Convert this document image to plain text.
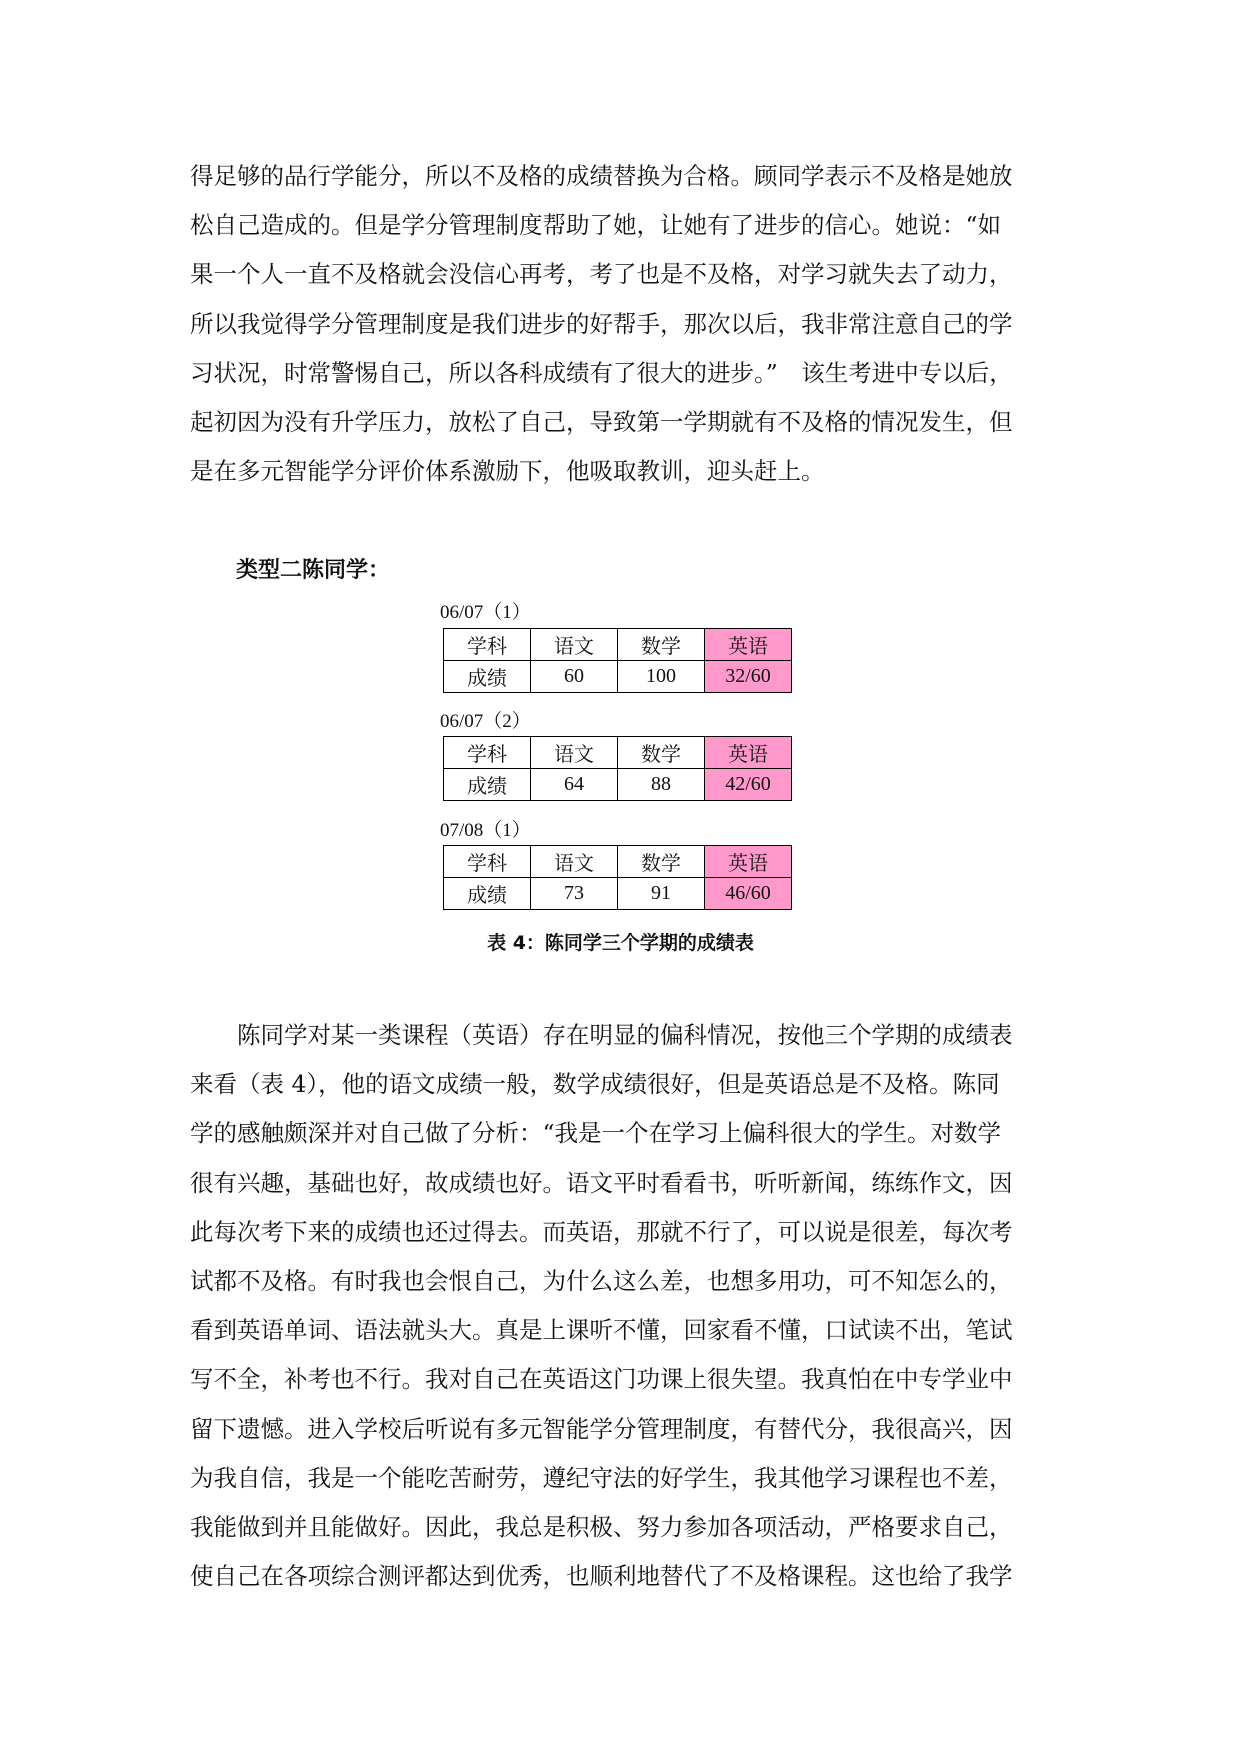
得足够的品行学能分，所以不及格的成绩替换为合格。顾同学表示不及格是她放
松自己造成的。但是学分管理制度帮助了她，让她有了进步的信心。她说：“如
果一个人一直不及格就会没信心再考，考了也是不及格，对学习就失去了动力，
所以我觉得学分管理制度是我们进步的好帮手，那次以后，我非常注意自己的学
习状况，时常警惕自己，所以各科成绩有了很大的进步。”　该生考进中专以后，
起初因为没有升学压力，放松了自己，导致第一学期就有不及格的情况发生，但
是在多元智能学分评价体系激励下，他吸取教训，迎头赶上。
类型二陈同学：
06/07（1）
学科	语文	数学	英语
成绩	60	100	32/60
06/07（2）
学科	语文	数学	英语
成绩	64	88	42/60
07/08（1）
学科	语文	数学	英语
成绩	73	91	46/60
表 4：陈同学三个学期的成绩表
　　陈同学对某一类课程（英语）存在明显的偏科情况，按他三个学期的成绩表
来看（表 4），他的语文成绩一般，数学成绩很好，但是英语总是不及格。陈同
学的感触颇深并对自己做了分析：“我是一个在学习上偏科很大的学生。对数学
很有兴趣，基础也好，故成绩也好。语文平时看看书，听听新闻，练练作文，因
此每次考下来的成绩也还过得去。而英语，那就不行了，可以说是很差，每次考
试都不及格。有时我也会恨自己，为什么这么差，也想多用功，可不知怎么的，
看到英语单词、语法就头大。真是上课听不懂，回家看不懂，口试读不出，笔试
写不全，补考也不行。我对自己在英语这门功课上很失望。我真怕在中专学业中
留下遗憾。进入学校后听说有多元智能学分管理制度，有替代分，我很高兴，因
为我自信，我是一个能吃苦耐劳，遵纪守法的好学生，我其他学习课程也不差，
我能做到并且能做好。因此，我总是积极、努力参加各项活动，严格要求自己，
使自己在各项综合测评都达到优秀，也顺利地替代了不及格课程。这也给了我学
